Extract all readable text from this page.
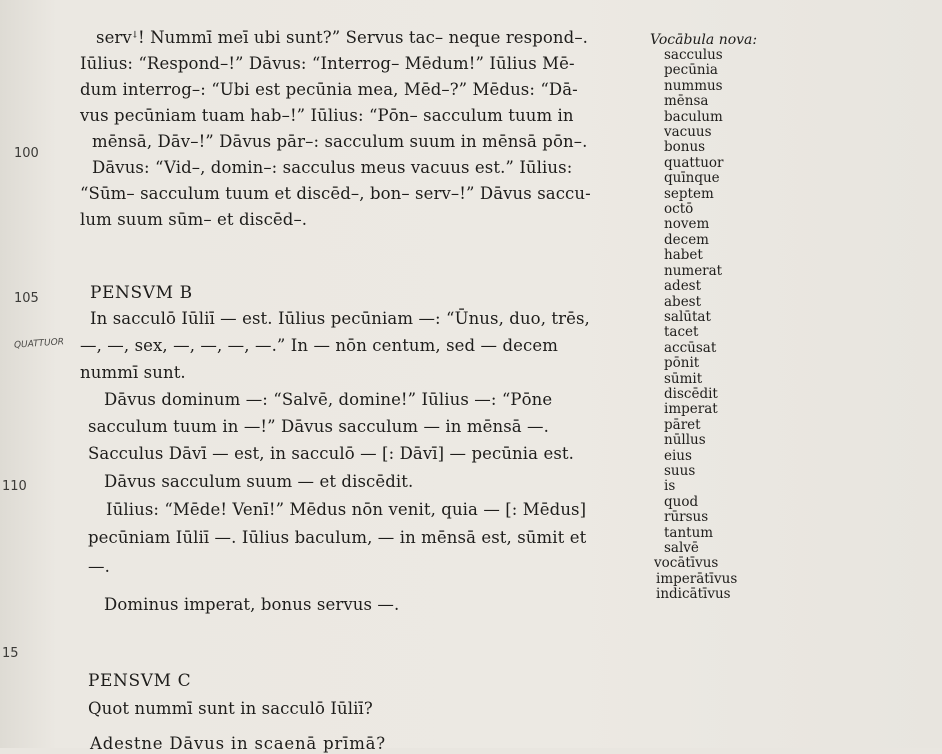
servꜜ! Nummī meī ubi sunt?” Servus tac– neque respond–.
Iūlius: “Respond–!” Dāvus: “Interrog– Mēdum!” Iūlius Mē-
dum interrog–: “Ubi est pecūnia mea, Mēd–?” Mēdus: “Dā-
vus pecūniam tuam hab–!” Iūlius: “Pōn– sacculum tuum in
mēnsā, Dāv–!” Dāvus pār–: sacculum suum in mēnsā pōn–.
Dāvus: “Vid–, domin–: sacculus meus vacuus est.” Iūlius:
“Sūm– sacculum tuum et discēd–, bon– serv–!” Dāvus saccu-
lum suum sūm– et discēd–.
PENSVM B
In sacculō Iūliī — est. Iūlius pecūniam —: “Ūnus, duo, trēs,
—, —, sex, —, —, —, —.” In — nōn centum, sed — decem
nummī sunt.
Dāvus dominum —: “Salvē, domine!” Iūlius —: “Pōne
sacculum tuum in —!” Dāvus sacculum — in mēnsā —.
Sacculus Dāvī — est, in sacculō — [: Dāvī] — pecūnia est.
Dāvus sacculum suum — et discēdit.
Iūlius: “Mēde! Venī!” Mēdus nōn venit, quia — [: Mēdus]
pecūniam Iūliī —. Iūlius baculum, — in mēnsā est, sūmit et
—.
Dominus imperat, bonus servus —.
PENSVM C
Quot nummī sunt in sacculō Iūliī?
Adestne Dāvus in scaenā prīmā?
100
105
110
15
QUATTUOR
Vocābula nova:
sacculus
pecūnia
nummus
mēnsa
baculum
vacuus
bonus
quattuor
quīnque
septem
octō
novem
decem
habet
numerat
adest
abest
salūtat
tacet
accūsat
pōnit
sūmit
discēdit
imperat
pāret
nūllus
eius
suus
is
quod
rūrsus
tantum
salvē
vocātīvus
imperātīvus
indicātīvus
